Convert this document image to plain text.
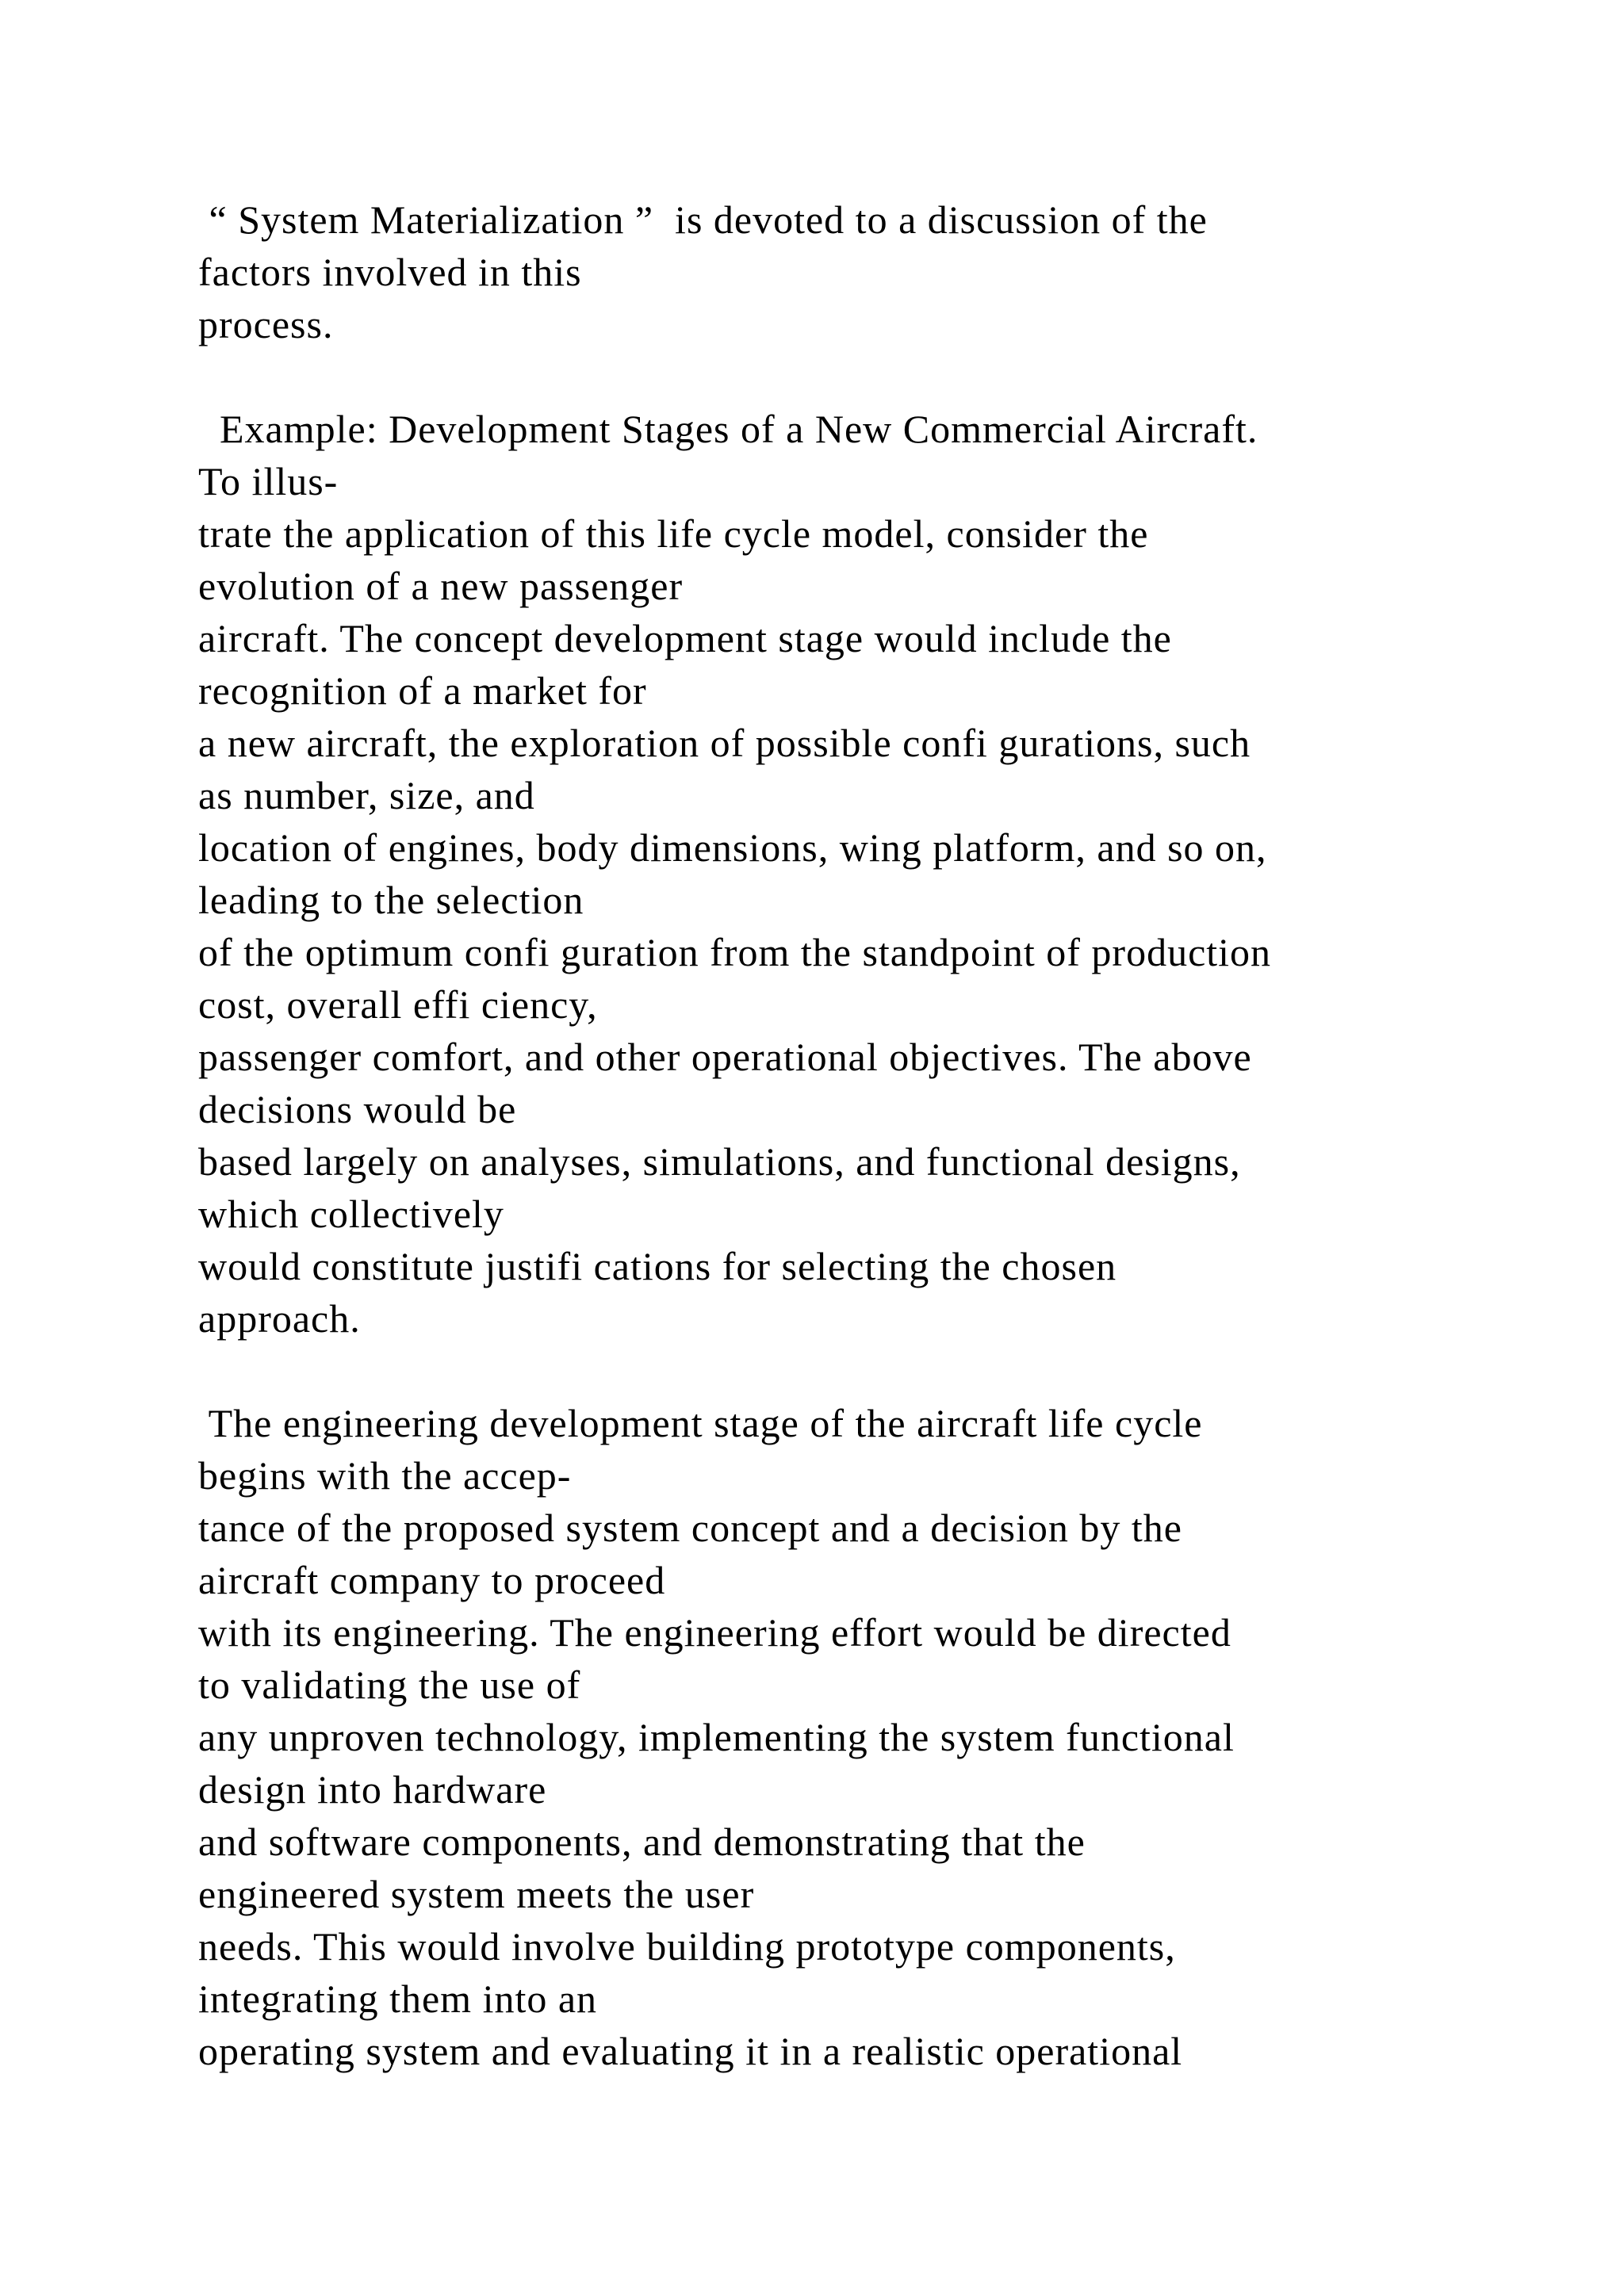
“ System Materialization ”  is devoted to a discussion of the
factors involved in this
process.
Example: Development Stages of a New Commercial Aircraft.
To illus-
trate the application of this life cycle model, consider the
evolution of a new passenger
aircraft. The concept development stage would include the
recognition of a market for
a new aircraft, the exploration of possible confi gurations, such
as number, size, and
location of engines, body dimensions, wing platform, and so on,
leading to the selection
of the optimum confi guration from the standpoint of production
cost, overall effi ciency,
passenger comfort, and other operational objectives. The above
decisions would be
based largely on analyses, simulations, and functional designs,
which collectively
would constitute justifi cations for selecting the chosen
approach.
The engineering development stage of the aircraft life cycle
begins with the accep-
tance of the proposed system concept and a decision by the
aircraft company to proceed
with its engineering. The engineering effort would be directed
to validating the use of
any unproven technology, implementing the system functional
design into hardware
and software components, and demonstrating that the
engineered system meets the user
needs. This would involve building prototype components,
integrating them into an
operating system and evaluating it in a realistic operational
